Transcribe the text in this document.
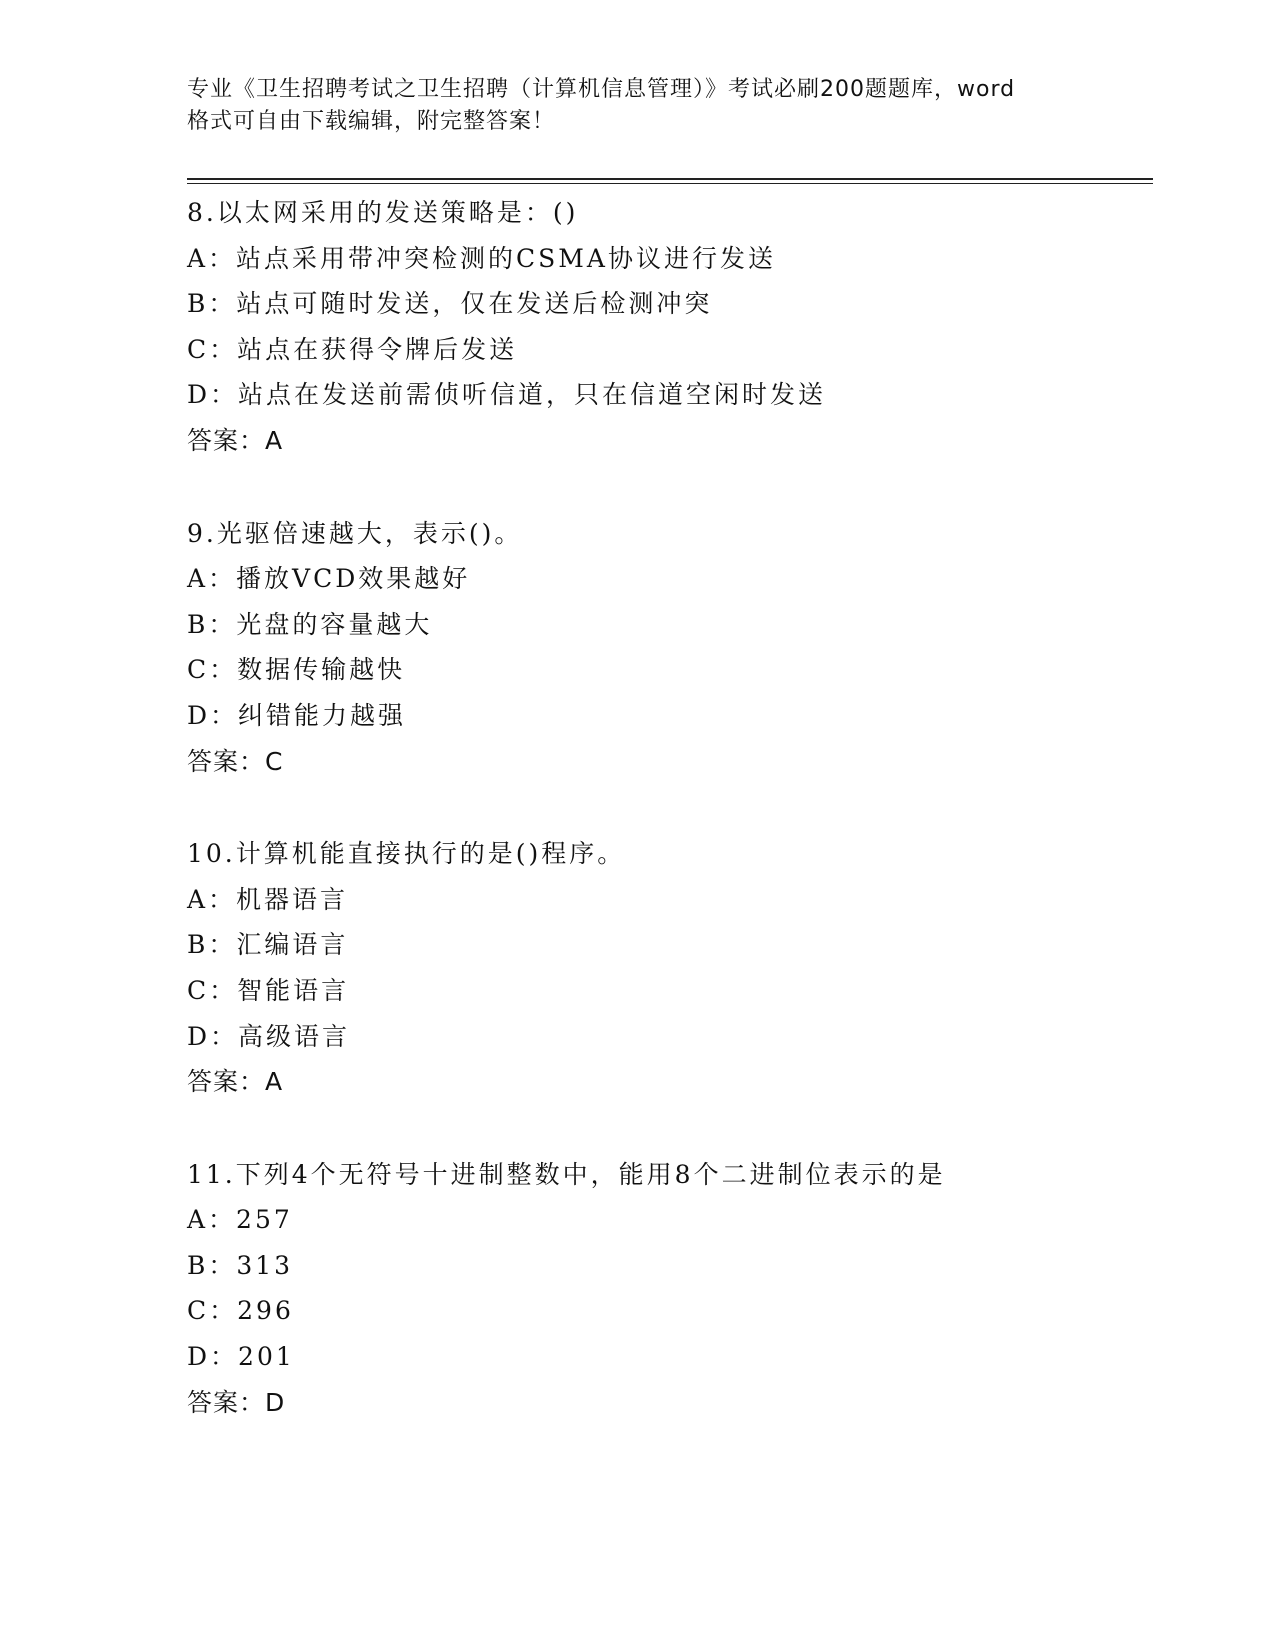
专业《卫生招聘考试之卫生招聘（计算机信息管理）》考试必刷200题题库，word
格式可自由下载编辑，附完整答案！
8.以太网采用的发送策略是：()
A：站点采用带冲突检测的CSMA协议进行发送
B：站点可随时发送，仅在发送后检测冲突
C：站点在获得令牌后发送
D：站点在发送前需侦听信道，只在信道空闲时发送
答案：A
9.光驱倍速越大，表示()。
A：播放VCD效果越好
B：光盘的容量越大
C：数据传输越快
D：纠错能力越强
答案：C
10.计算机能直接执行的是()程序。
A：机器语言
B：汇编语言
C：智能语言
D：高级语言
答案：A
11.下列4个无符号十进制整数中，能用8个二进制位表示的是
A：257
B：313
C：296
D：201
答案：D
